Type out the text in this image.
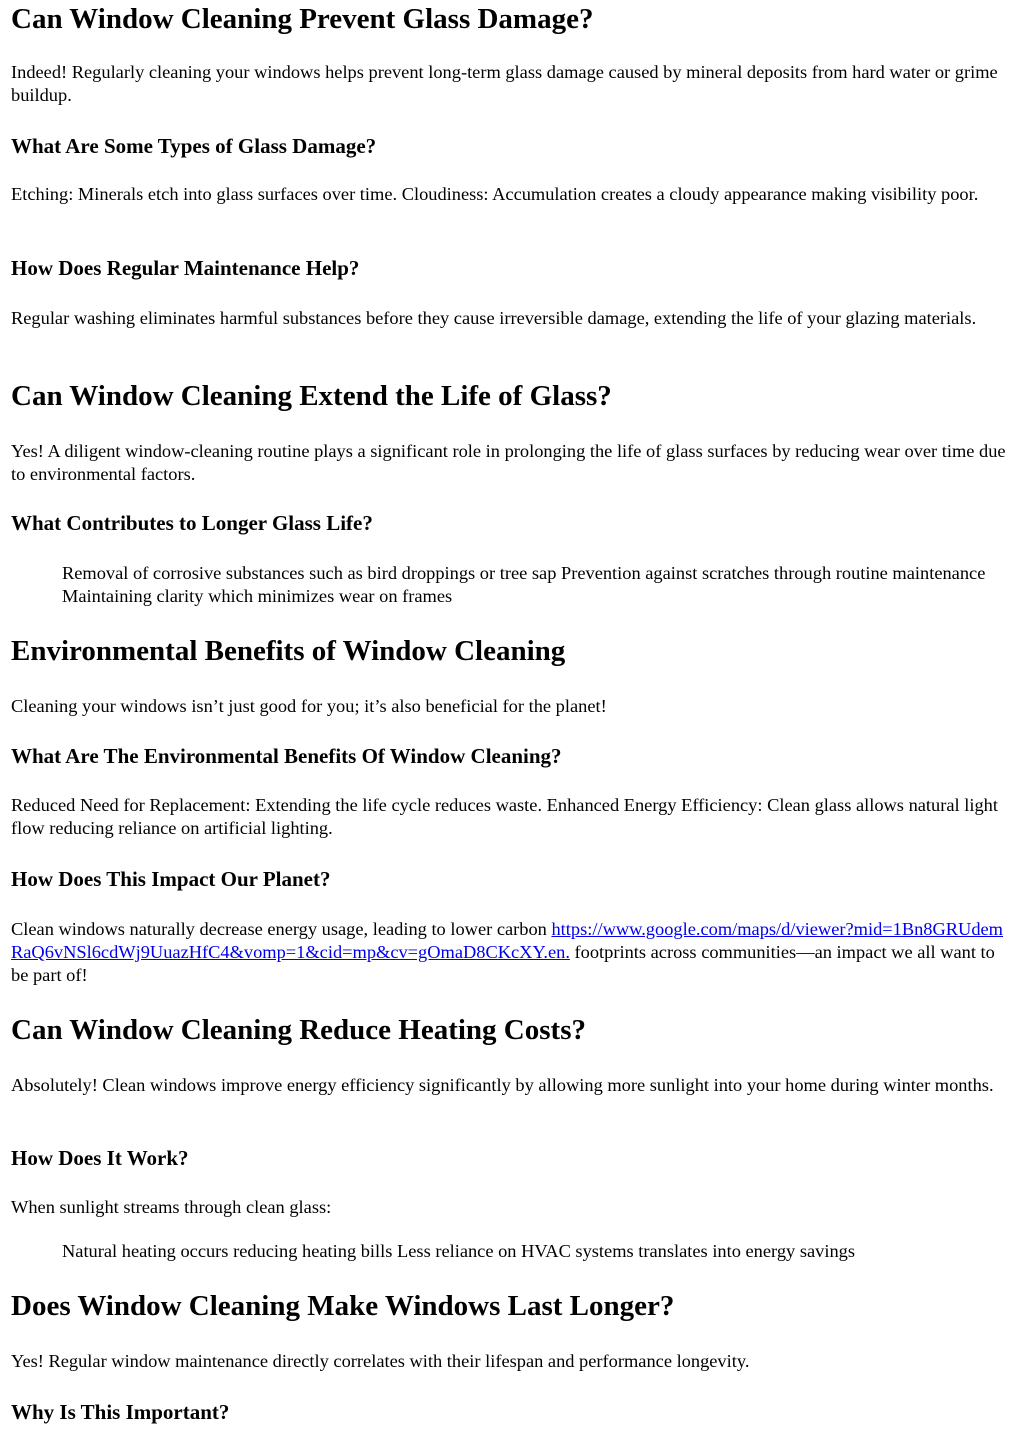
Can Window Cleaning Prevent Glass Damage?

Indeed! Regularly cleaning your windows helps prevent long-term glass damage caused by mineral deposits from hard water or grime buildup.

What Are Some Types of Glass Damage?

Etching: Minerals etch into glass surfaces over time. Cloudiness: Accumulation creates a cloudy appearance making visibility poor.

How Does Regular Maintenance Help?

Regular washing eliminates harmful substances before they cause irreversible damage, extending the life of your glazing materials.

Can Window Cleaning Extend the Life of Glass?

Yes! A diligent window-cleaning routine plays a significant role in prolonging the life of glass surfaces by reducing wear over time due to environmental factors.

What Contributes to Longer Glass Life?

Removal of corrosive substances such as bird droppings or tree sap Prevention against scratches through routine maintenance Maintaining clarity which minimizes wear on frames

Environmental Benefits of Window Cleaning

Cleaning your windows isn’t just good for you; it’s also beneficial for the planet!

What Are The Environmental Benefits Of Window Cleaning?

Reduced Need for Replacement: Extending the life cycle reduces waste. Enhanced Energy Efficiency: Clean glass allows natural light flow reducing reliance on artificial lighting.

How Does This Impact Our Planet?

Clean windows naturally decrease energy usage, leading to lower carbon https://www.google.com/maps/d/viewer?mid=1Bn8GRUdemRaQ6vNSl6cdWj9UuazHfC4&vomp=1&cid=mp&cv=gOmaD8CKcXY.en. footprints across communities—an impact we all want to be part of!

Can Window Cleaning Reduce Heating Costs?

Absolutely! Clean windows improve energy efficiency significantly by allowing more sunlight into your home during winter months.

How Does It Work?

When sunlight streams through clean glass:

Natural heating occurs reducing heating bills Less reliance on HVAC systems translates into energy savings

Does Window Cleaning Make Windows Last Longer?

Yes! Regular window maintenance directly correlates with their lifespan and performance longevity.

Why Is This Important?
